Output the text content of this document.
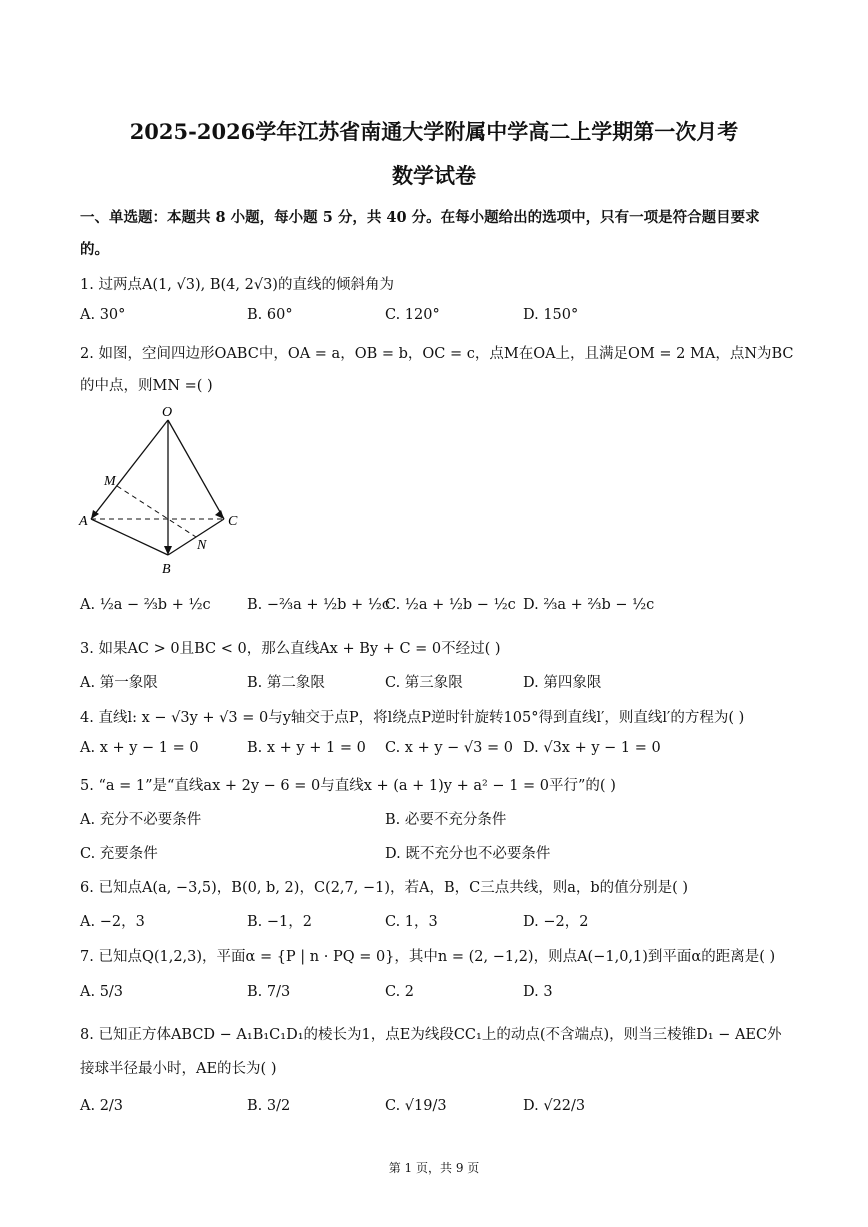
2025-2026学年江苏省南通大学附属中学高二上学期第一次月考
数学试卷
一、单选题：本题共 8 小题，每小题 5 分，共 40 分。在每小题给出的选项中，只有一项是符合题目要求
的。
1. 过两点A(1, √3), B(4, 2√3)的直线的倾斜角为
A. 30°	B. 60°	C. 120°	D. 150°
2. 如图，空间四边形OABC中，OA = a，OB = b，OC = c，点M在OA上，且满足OM = 2 MA，点N为BC
的中点，则MN =( )
O
M
A	C
N
B
A. ½a − ⅔b + ½c	B. −⅔a + ½b + ½c
C. ½a + ½b − ½c D. ⅔a + ⅔b − ½c
3. 如果AC > 0且BC < 0，那么直线Ax + By + C = 0不经过( )
A. 第一象限	B. 第二象限	C. 第三象限	D. 第四象限
4. 直线l: x − √3y + √3 = 0与y轴交于点P，将l绕点P逆时针旋转105°得到直线l′，则直线l′的方程为( )
A. x + y − 1 = 0	B. x + y + 1 = 0 C. x + y − √3 = 0 D. √3x + y − 1 = 0
5. “a = 1”是“直线ax + 2y − 6 = 0与直线x + (a + 1)y + a² − 1 = 0平行”的( )
A. 充分不必要条件	B. 必要不充分条件
C. 充要条件	D. 既不充分也不必要条件
6. 已知点A(a, −3,5)，B(0, b, 2)，C(2,7, −1)，若A，B，C三点共线，则a，b的值分别是( )
A. −2，3	B. −1，2	C. 1，3	D. −2，2
7. 已知点Q(1,2,3)，平面α = {P | n · PQ = 0}，其中n = (2, −1,2)，则点A(−1,0,1)到平面α的距离是( )
A. 5/3	B. 7/3	C. 2	D. 3
8. 已知正方体ABCD − A₁B₁C₁D₁的棱长为1，点E为线段CC₁上的动点(不含端点)，则当三棱锥D₁ − AEC外
接球半径最小时，AE的长为( )
A. 2/3	B. 3/2	C. √19/3	D. √22/3
第 1 页，共 9 页
